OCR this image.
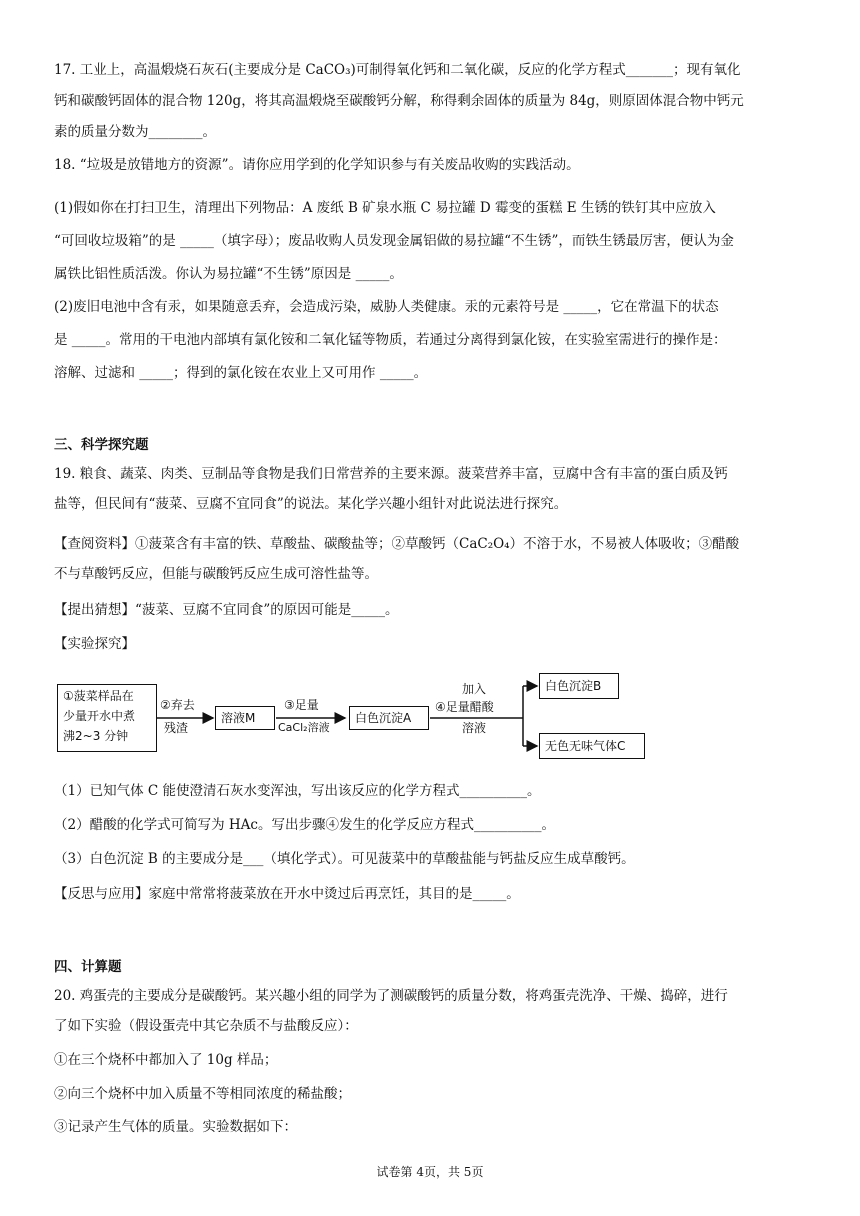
17. 工业上，高温煅烧石灰石(主要成分是 CaCO₃)可制得氧化钙和二氧化碳，反应的化学方程式_______；现有氧化
钙和碳酸钙固体的混合物 120g，将其高温煅烧至碳酸钙分解，称得剩余固体的质量为 84g，则原固体混合物中钙元
素的质量分数为________。
18. “垃圾是放错地方的资源”。请你应用学到的化学知识参与有关废品收购的实践活动。
(1)假如你在打扫卫生，清理出下列物品：A 废纸 B 矿泉水瓶 C 易拉罐 D 霉变的蛋糕 E 生锈的铁钉其中应放入
“可回收垃圾箱”的是 _____（填字母）；废品收购人员发现金属铝做的易拉罐“不生锈”，而铁生锈最厉害，便认为金
属铁比铝性质活泼。你认为易拉罐“不生锈”原因是 _____。
(2)废旧电池中含有汞，如果随意丢弃，会造成污染，威胁人类健康。汞的元素符号是 _____，它在常温下的状态
是 _____。常用的干电池内部填有氯化铵和二氧化锰等物质，若通过分离得到氯化铵，在实验室需进行的操作是：
溶解、过滤和 _____；得到的氯化铵在农业上又可用作 _____。
三、科学探究题
19. 粮食、蔬菜、肉类、豆制品等食物是我们日常营养的主要来源。菠菜营养丰富，豆腐中含有丰富的蛋白质及钙
盐等，但民间有“菠菜、豆腐不宜同食”的说法。某化学兴趣小组针对此说法进行探究。
【查阅资料】①菠菜含有丰富的铁、草酸盐、碳酸盐等；②草酸钙（CaC₂O₄）不溶于水，不易被人体吸收；③醋酸
不与草酸钙反应，但能与碳酸钙反应生成可溶性盐等。
【提出猜想】“菠菜、豆腐不宜同食”的原因可能是_____。
【实验探究】
①菠菜样品在
少量开水中煮
沸2~3 分钟
②弃去
残渣
溶液M
③足量
CaCl₂溶液
白色沉淀A
加入
④足量醋酸
溶液
白色沉淀B
无色无味气体C
（1）已知气体 C 能使澄清石灰水变浑浊，写出该反应的化学方程式__________。
（2）醋酸的化学式可简写为 HAc。写出步骤④发生的化学反应方程式__________。
（3）白色沉淀 B 的主要成分是___（填化学式）。可见菠菜中的草酸盐能与钙盐反应生成草酸钙。
【反思与应用】家庭中常常将菠菜放在开水中烫过后再烹饪，其目的是_____。
四、计算题
20. 鸡蛋壳的主要成分是碳酸钙。某兴趣小组的同学为了测碳酸钙的质量分数，将鸡蛋壳洗净、干燥、捣碎，进行
了如下实验（假设蛋壳中其它杂质不与盐酸反应）：
①在三个烧杯中都加入了 10g 样品；
②向三个烧杯中加入质量不等相同浓度的稀盐酸；
③记录产生气体的质量。实验数据如下：
试卷第 4页，共 5页
